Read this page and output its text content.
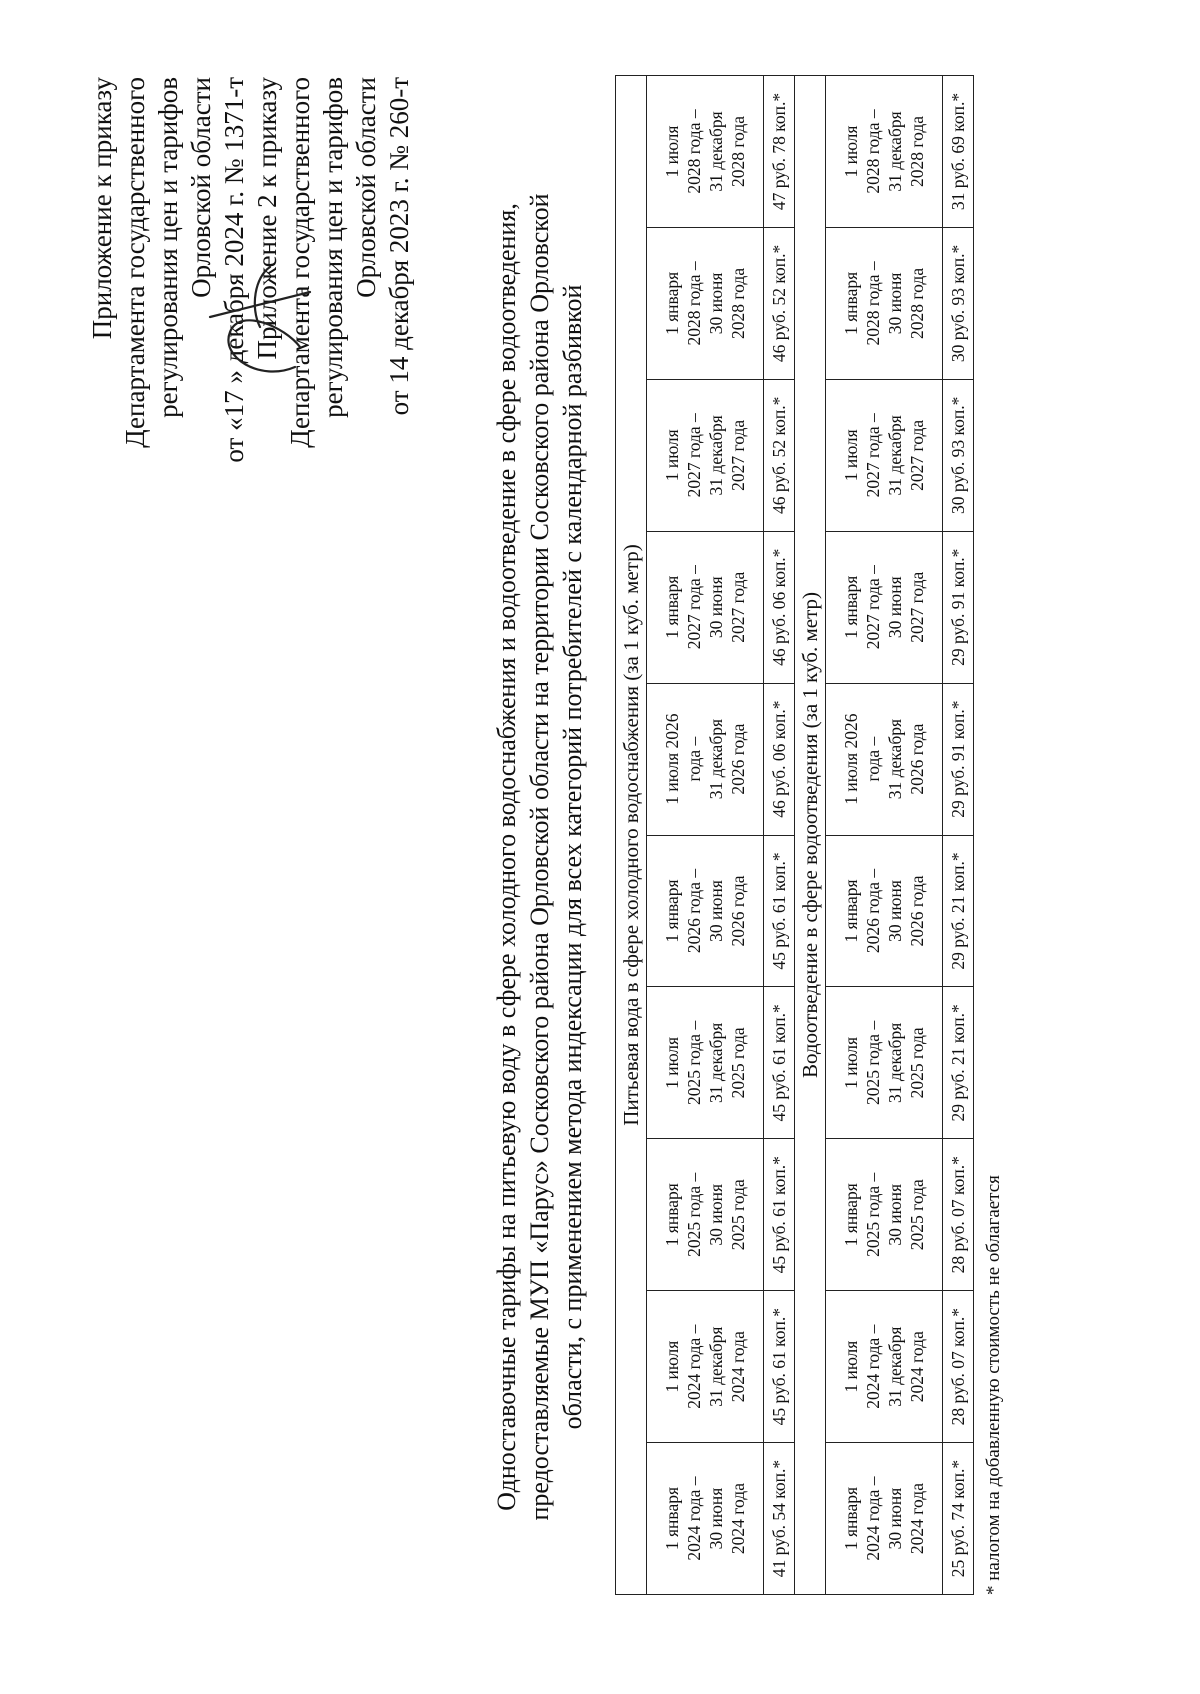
Приложение к приказу Департамента государственного регулирования цен и тарифов Орловской области от «17 » декабря 2024 г. № 1371-т Приложение 2 к приказу Департамента государственного регулирования цен и тарифов Орловской области от 14 декабря 2023 г. № 260-т	Одноставочные тарифы на питьевую воду в сфере холодного водоснабжения и водоотведение в сфере водоотведения, предоставляемые МУП «Парус» Сосковского района Орловской области на территории Сосковского района Орловской области, с применением метода индексации для всех категорий потребителей с календарной разбивкой Питьевая вода в сфере холодного водоснабжения (за 1 куб. метр)									

1 января 2024 года – 30 июня 2024 года	1 июля 2024 года – 31 декабря 2024 года	1 января 2025 года – 30 июня 2025 года	1 июля 2025 года – 31 декабря 2025 года	1 января 2026 года – 30 июня 2026 года	1 июля 2026 года – 31 декабря 2026 года	1 января 2027 года – 30 июня 2027 года	1 июля 2027 года – 31 декабря 2027 года	1 января 2028 года – 30 июня 2028 года	1 июля 2028 года – 31 декабря 2028 года

41 руб. 54 коп.*	45 руб. 61 коп.*	45 руб. 61 коп.*	45 руб. 61 коп.*	45 руб. 61 коп.*	46 руб. 06 коп.*	46 руб. 06 коп.*	46 руб. 52 коп.*	46 руб. 52 коп.*	47 руб. 78 коп.*
Водоотведение в сфере водоотведения (за 1 куб. метр)									

1 января 2024 года – 30 июня 2024 года	1 июля 2024 года – 31 декабря 2024 года	1 января 2025 года – 30 июня 2025 года	1 июля 2025 года – 31 декабря 2025 года	1 января 2026 года – 30 июня 2026 года	1 июля 2026 года – 31 декабря 2026 года	1 января 2027 года – 30 июня 2027 года	1 июля 2027 года – 31 декабря 2027 года	1 января 2028 года – 30 июня 2028 года	1 июля 2028 года – 31 декабря 2028 года

25 руб. 74 коп.*	28 руб. 07 коп.*	28 руб. 07 коп.*	29 руб. 21 коп.*	29 руб. 21 коп.*	29 руб. 91 коп.*	29 руб. 91 коп.*	30 руб. 93 коп.*	30 руб. 93 коп.*	31 руб. 69 коп.*
* налогом на добавленную стоимость не облагается
